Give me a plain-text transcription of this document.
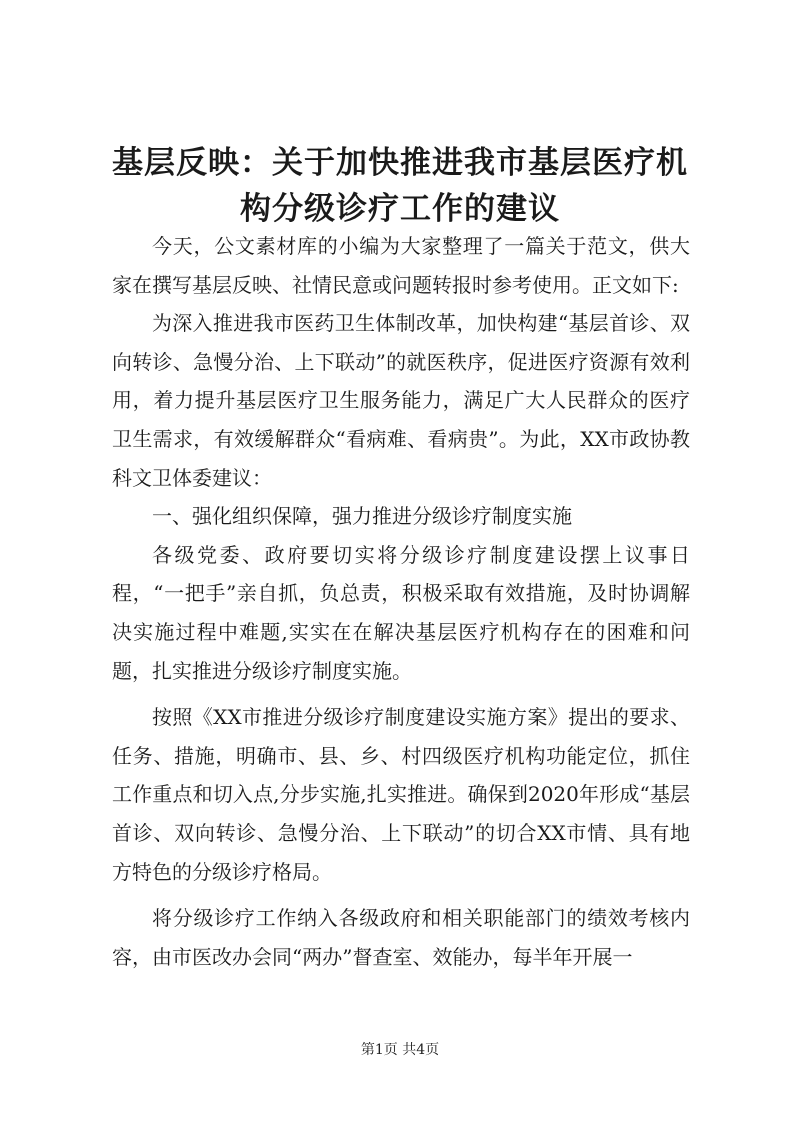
基层反映：关于加快推进我市基层医疗机构分级诊疗工作的建议

今天，公文素材库的小编为大家整理了一篇关于范文，供大家在撰写基层反映、社情民意或问题转报时参考使用。正文如下:

为深入推进我市医药卫生体制改革，加快构建“基层首诊、双向转诊、急慢分治、上下联动”的就医秩序，促进医疗资源有效利用，着力提升基层医疗卫生服务能力，满足广大人民群众的医疗卫生需求，有效缓解群众“看病难、看病贵”。为此，XX市政协教科文卫体委建议：

一、强化组织保障，强力推进分级诊疗制度实施

各级党委、政府要切实将分级诊疗制度建设摆上议事日程，“一把手”亲自抓，负总责，积极采取有效措施，及时协调解决实施过程中难题,实实在在解决基层医疗机构存在的困难和问题，扎实推进分级诊疗制度实施。

按照《XX市推进分级诊疗制度建设实施方案》提出的要求、任务、措施，明确市、县、乡、村四级医疗机构功能定位，抓住工作重点和切入点,分步实施,扎实推进。确保到2020年形成“基层首诊、双向转诊、急慢分治、上下联动”的切合XX市情、具有地方特色的分级诊疗格局。

将分级诊疗工作纳入各级政府和相关职能部门的绩效考核内容，由市医改办会同“两办”督查室、效能办，每半年开展一

第1页 共4页
